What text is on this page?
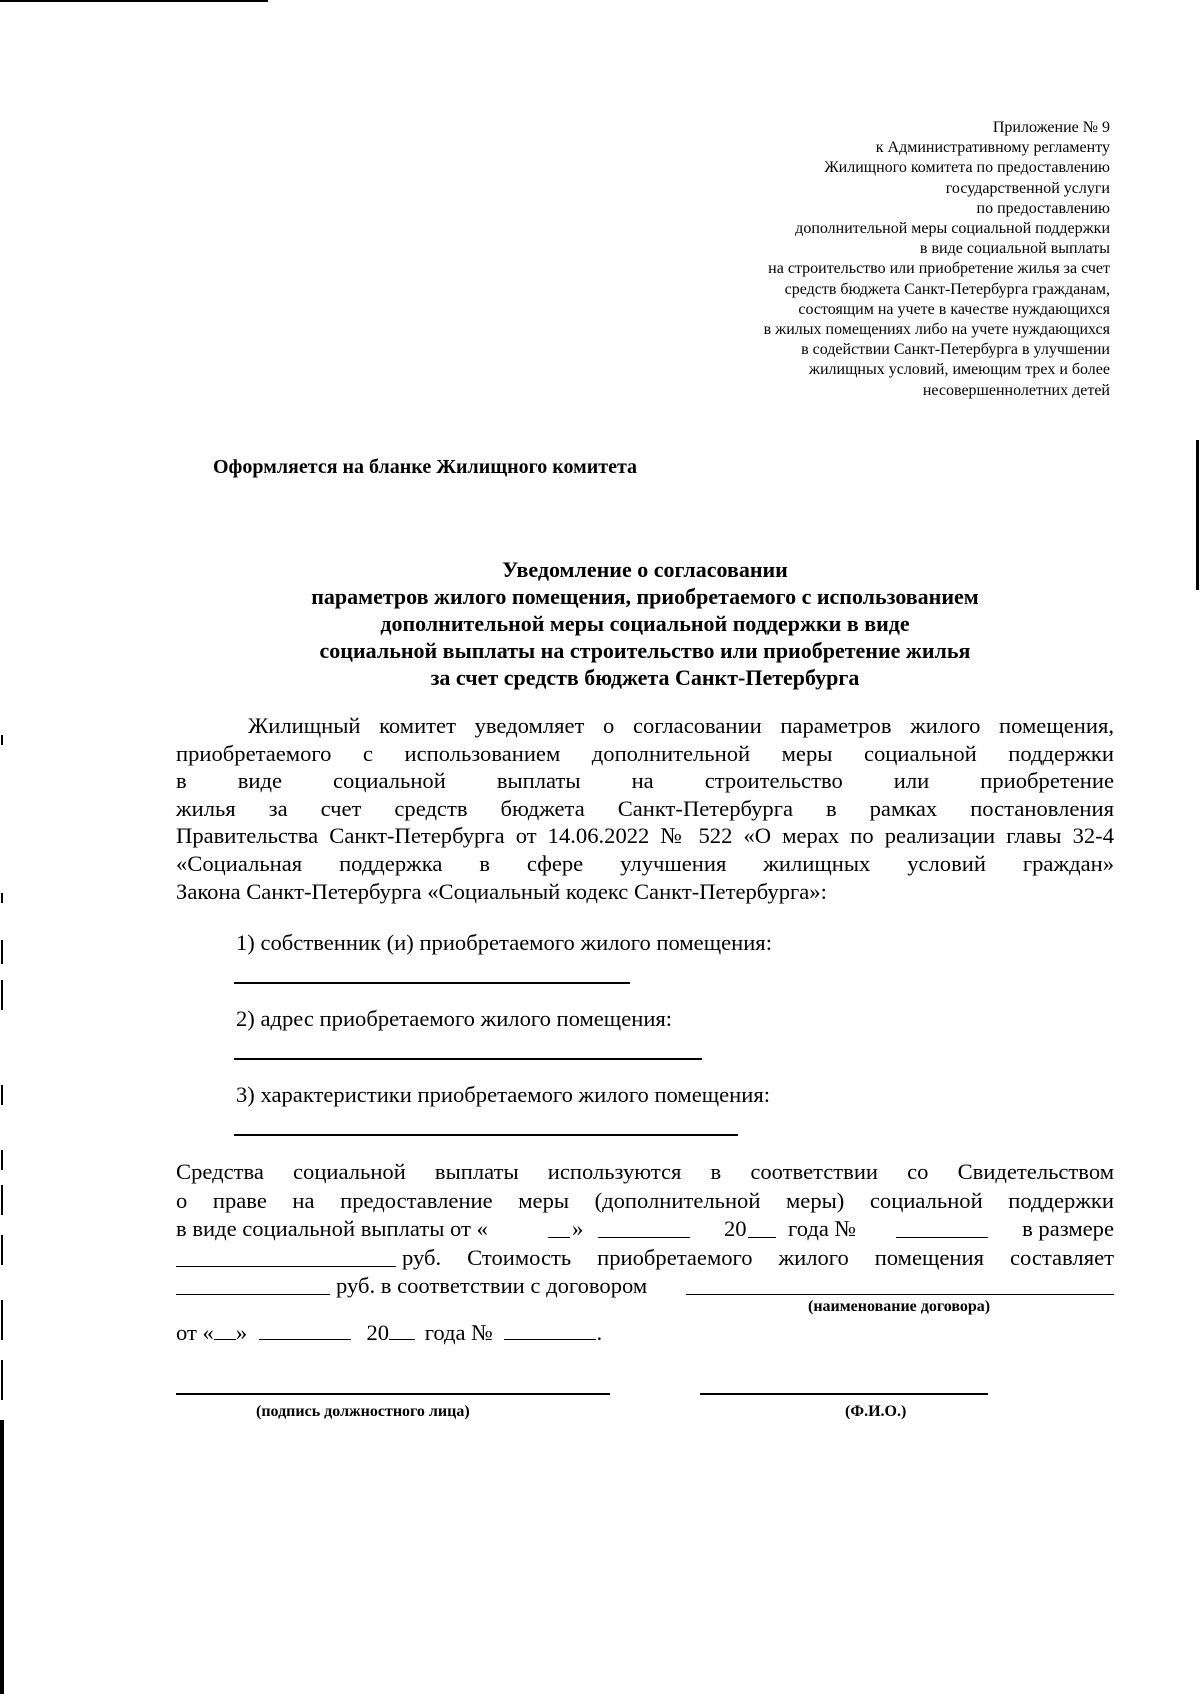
Приложение № 9
к Административному регламенту
Жилищного комитета по предоставлению
государственной услуги
по предоставлению
дополнительной меры социальной поддержки
в виде социальной выплаты
на строительство или приобретение жилья за счет
средств бюджета Санкт-Петербурга гражданам,
состоящим на учете в качестве нуждающихся
в жилых помещениях либо на учете нуждающихся
в содействии Санкт-Петербурга в улучшении
жилищных условий, имеющим трех и более
несовершеннолетних детей
Оформляется на бланке Жилищного комитета
Уведомление о согласовании
параметров жилого помещения, приобретаемого с использованием
дополнительной меры социальной поддержки в виде
социальной выплаты на строительство или приобретение жилья
за счет средств бюджета Санкт-Петербурга
Жилищный комитет уведомляет о согласовании параметров жилого помещения,
приобретаемого с использованием дополнительной меры социальной поддержки
в виде социальной выплаты на строительство или приобретение
жилья за счет средств бюджета Санкт-Петербурга в рамках постановления
Правительства Санкт-Петербурга от 14.06.2022 № 522 «О мерах по реализации главы 32-4
«Социальная поддержка в сфере улучшения жилищных условий граждан»
Закона Санкт-Петербурга «Социальный кодекс Санкт-Петербурга»:
1) собственник (и) приобретаемого жилого помещения:
2) адрес приобретаемого жилого помещения:
3) характеристики приобретаемого жилого помещения:
Средства социальной выплаты используются в соответствии со Свидетельством
о праве на предоставление меры (дополнительной меры) социальной поддержки
в виде социальной выплаты от «	»	20 года №	в размере
руб. Стоимость приобретаемого жилого помещения составляет
руб. в соответствии с договором
(наименование договора)
от « »	20 года №	.
(подпись должностного лица)	(Ф.И.О.)
